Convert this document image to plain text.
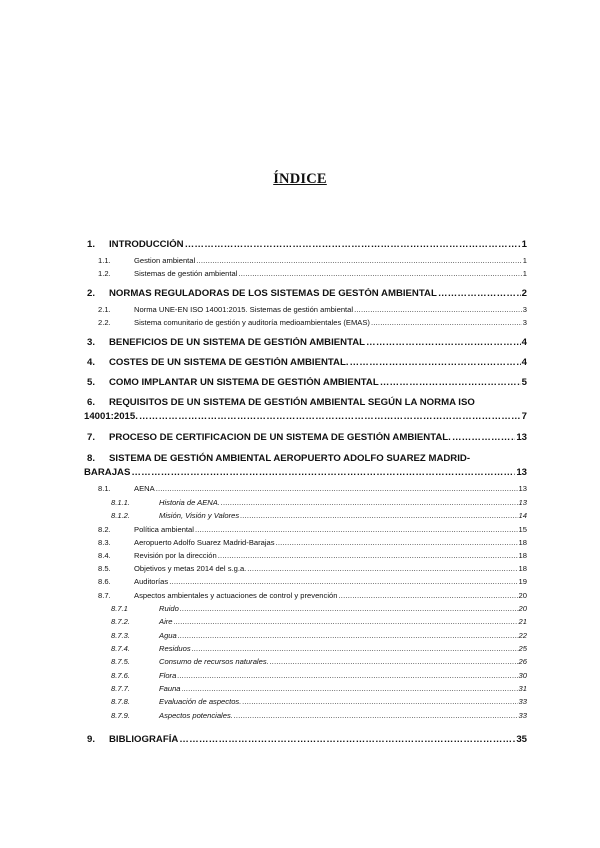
ÍNDICE
1.	INTRODUCCIÓN …………………………………………………………………………………………………………………………………………………………………………………………………………………	1
1.1.	Gestion ambiental .....	1
1.2.	Sistemas de gestión ambiental .....	1
2.	NORMAS REGULADORAS DE LOS SISTEMAS DE GESTÓN AMBIENTAL …………………………………………………………………………………………………………………………………………………………………………………………………………………	2
2.1.	Norma UNE-EN ISO 14001:2015. Sistemas de gestión ambiental .....	3
2.2.	Sistema comunitario de gestión y auditoría medioambientales (EMAS) .....	3
3.	BENEFICIOS DE UN SISTEMA DE GESTIÓN AMBIENTAL …………………………………………………………………………………………………………………………………………………………………………………………………………………	4
4.	COSTES DE UN SISTEMA DE GESTIÓN AMBIENTAL. …………………………………………………………………………………………………………………………………………………………………………………………………………………	4
5.	COMO IMPLANTAR UN SISTEMA DE GESTIÓN AMBIENTAL …………………………………………………………………………………………………………………………………………………………………………………………………………………	5
6. REQUISITOS DE UN SISTEMA DE GESTIÓN AMBIENTAL SEGÚN LA NORMA ISO
14001:2015. …………………………………………………………………………………………………………………………………………………………………………………………………………………	7
7.	PROCESO DE CERTIFICACION DE UN SISTEMA DE GESTIÓN AMBIENTAL. …………………………………………………………………………………………………………………………………………………………………………………………………………………	13
8. SISTEMA DE GESTIÓN AMBIENTAL AEROPUERTO ADOLFO SUAREZ MADRID-
BARAJAS …………………………………………………………………………………………………………………………………………………………………………………………………………………	13
8.1.	AENA .....	13
8.1.1.	Historia de AENA. .....	13
8.1.2.	Misión, Visión y Valores .....	14
8.2.	Política ambiental .....	15
8.3.	Aeropuerto Adolfo Suarez Madrid-Barajas .....	18
8.4.	Revisión por la dirección .....	18
8.5.	Objetivos y metas 2014 del s.g.a. .....	18
8.6.	Auditorías .....	19
8.7.	Aspectos ambientales y actuaciones de control y prevención .....	20
8.7.1	Ruido .....	20
8.7.2.	Aire .....	21
8.7.3.	Agua .....	22
8.7.4.	Residuos .....	25
8.7.5.	Consumo de recursos naturales. .....	26
8.7.6.	Flora .....	30
8.7.7.	Fauna .....	31
8.7.8.	Evaluación de aspectos. .....	33
8.7.9.	Aspectos potenciales. .....	33
9.	BIBLIOGRAFÍA …………………………………………………………………………………………………………………………………………………………………………………………………………………	35
